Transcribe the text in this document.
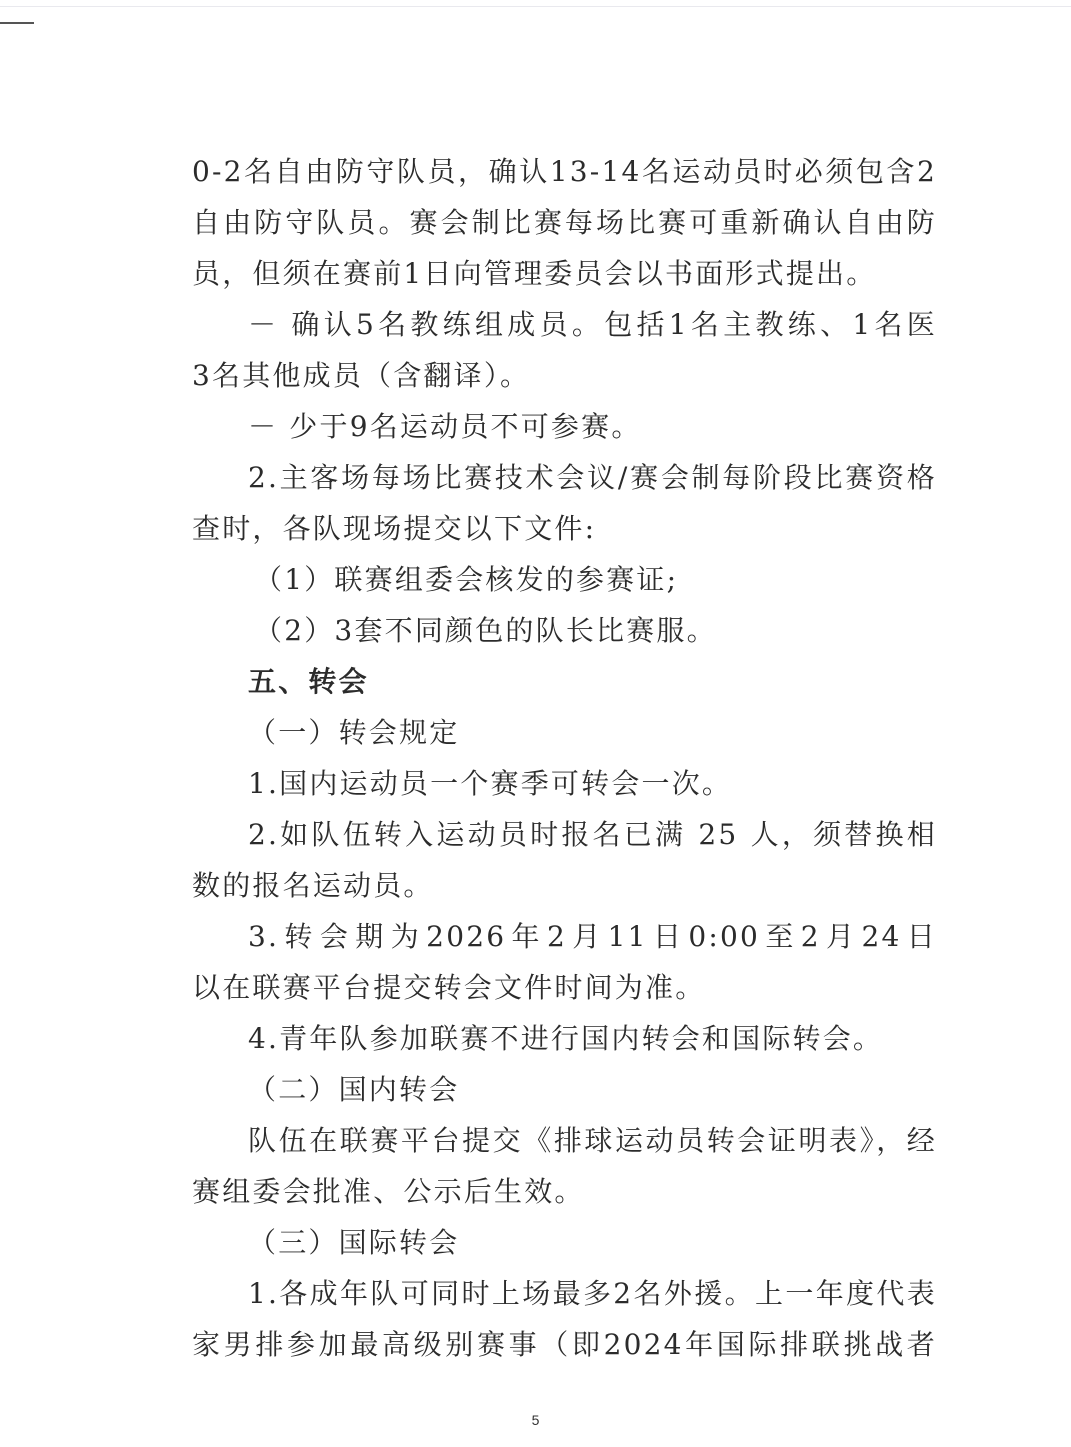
0-2名自由防守队员，确认13-14名运动员时必须包含2
自由防守队员。赛会制比赛每场比赛可重新确认自由防
员，但须在赛前1日向管理委员会以书面形式提出。
－ 确认5名教练组成员。包括1名主教练、1名医
3名其他成员（含翻译）。
－ 少于9名运动员不可参赛。
2.主客场每场比赛技术会议/赛会制每阶段比赛资格
查时，各队现场提交以下文件:
（1）联赛组委会核发的参赛证;
（2）3套不同颜色的队长比赛服。
五、转会
（一）转会规定
1.国内运动员一个赛季可转会一次。
2.如队伍转入运动员时报名已满 25 人，须替换相
数的报名运动员。
3.转会期为2026年2月11日0:00至2月24日
以在联赛平台提交转会文件时间为准。
4.青年队参加联赛不进行国内转会和国际转会。
（二）国内转会
队伍在联赛平台提交《排球运动员转会证明表》，经
赛组委会批准、公示后生效。
（三）国际转会
1.各成年队可同时上场最多2名外援。上一年度代表
家男排参加最高级别赛事（即2024年国际排联挑战者
5
